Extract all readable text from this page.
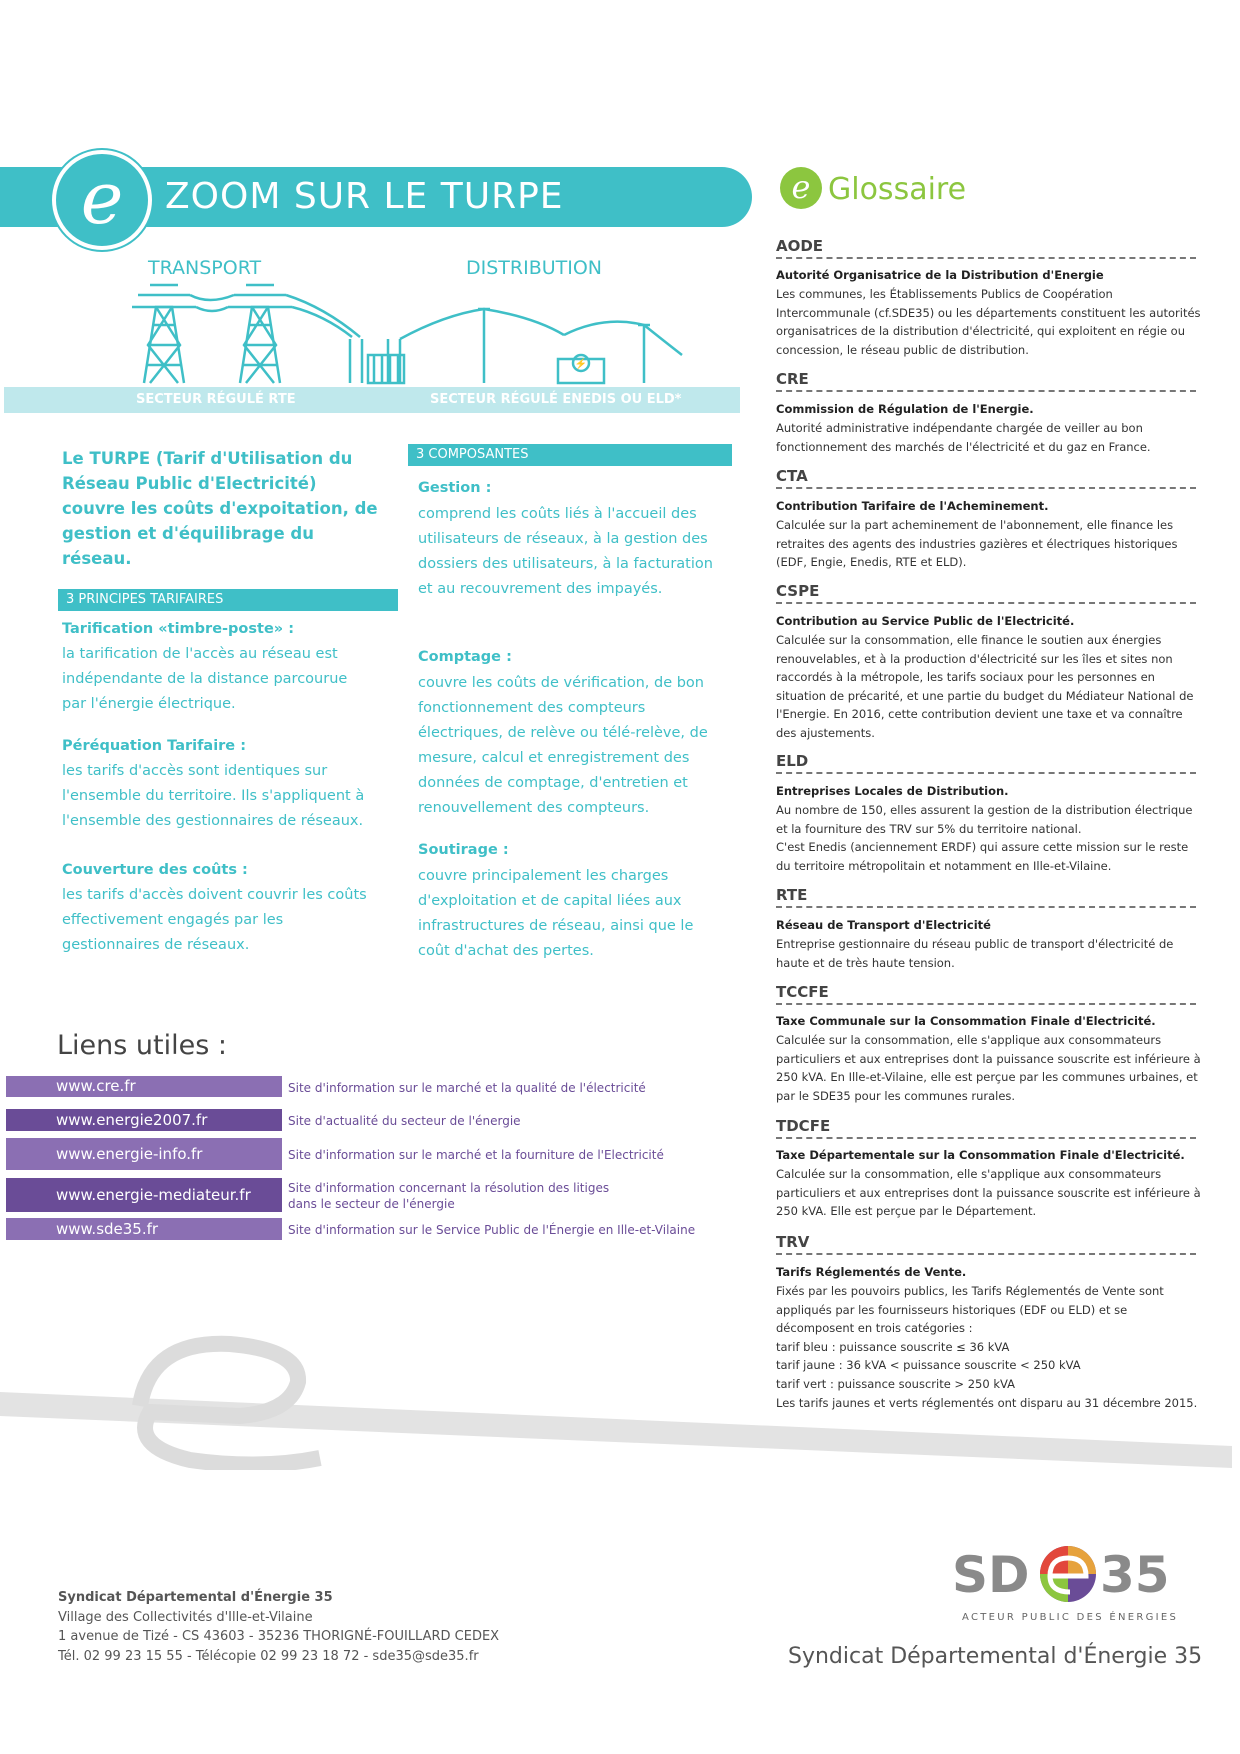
e	ZOOM SUR LE TURPE
⚡
TRANSPORT	DISTRIBUTION
SECTEUR RÉGULÉ RTE	SECTEUR RÉGULÉ ENEDIS OU ELD*
Le TURPE (Tarif d'Utilisation du Réseau Public d'Electricité) couvre les coûts d'expoitation, de gestion et d'équilibrage du réseau.
3 PRINCIPES TARIFAIRES
Tarification «timbre-poste» :
la tarification de l'accès au réseau est indépendante de la distance parcourue par l'énergie électrique.
Péréquation Tarifaire :
les tarifs d'accès sont identiques sur l'ensemble du territoire. Ils s'appliquent à l'ensemble des gestionnaires de réseaux.
Couverture des coûts :
les tarifs d'accès doivent couvrir les coûts effectivement engagés par les gestionnaires de réseaux.
3 COMPOSANTES
Gestion :
comprend les coûts liés à l'accueil des utilisateurs de réseaux, à la gestion des dossiers des utilisateurs, à la facturation et au recouvrement des impayés.
Comptage :
couvre les coûts de vérification, de bon fonctionnement des compteurs électriques, de relève ou télé-relève, de mesure, calcul et enregistrement des données de comptage, d'entretien et renouvellement des compteurs.
Soutirage :
couvre principalement les charges d'exploitation et de capital liées aux infrastructures de réseau, ainsi que le coût d'achat des pertes.
Liens utiles :
www.cre.fr	Site d'information sur le marché et la qualité de l'électricité
www.energie2007.fr	Site d'actualité du secteur de l'énergie
www.energie-info.fr	Site d'information sur le marché et la fourniture de l'Electricité
www.energie-mediateur.fr	Site d'information concernant la résolution des litiges dans le secteur de l'énergie
www.sde35.fr	Site d'information sur le Service Public de l'Énergie en Ille-et-Vilaine
e Glossaire
AODE
Autorité Organisatrice de la Distribution d'Energie
Les communes, les Établissements Publics de Coopération Intercommunale (cf.SDE35) ou les départements constituent les autorités organisatrices de la distribution d'électricité, qui exploitent en régie ou concession, le réseau public de distribution.
CRE
Commission de Régulation de l'Energie.
Autorité administrative indépendante chargée de veiller au bon fonctionnement des marchés de l'électricité et du gaz en France.
CTA
Contribution Tarifaire de l'Acheminement.
Calculée sur la part acheminement de l'abonnement, elle finance les retraites des agents des industries gazières et électriques historiques (EDF, Engie, Enedis, RTE et ELD).
CSPE
Contribution au Service Public de l'Electricité.
Calculée sur la consommation, elle finance le soutien aux énergies renouvelables, et à la production d'électricité sur les îles et sites non raccordés à la métropole, les tarifs sociaux pour les personnes en situation de précarité, et une partie du budget du Médiateur National de l'Energie. En 2016, cette contribution devient une taxe et va connaître des ajustements.
ELD
Entreprises Locales de Distribution.
Au nombre de 150, elles assurent la gestion de la distribution électrique et la fourniture des TRV sur 5% du territoire national.
C'est Enedis (anciennement ERDF) qui assure cette mission sur le reste du territoire métropolitain et notamment en Ille-et-Vilaine.
RTE
Réseau de Transport d'Electricité
Entreprise gestionnaire du réseau public de transport d'électricité de haute et de très haute tension.
TCCFE
Taxe Communale sur la Consommation Finale d'Electricité.
Calculée sur la consommation, elle s'applique aux consommateurs particuliers et aux entreprises dont la puissance souscrite est inférieure à 250 kVA. En Ille-et-Vilaine, elle est perçue par les communes urbaines, et par le SDE35 pour les communes rurales.
TDCFE
Taxe Départementale sur la Consommation Finale d'Electricité.
Calculée sur la consommation, elle s'applique aux consommateurs particuliers et aux entreprises dont la puissance souscrite est inférieure à 250 kVA. Elle est perçue par le Département.
TRV
Tarifs Réglementés de Vente.
Fixés par les pouvoirs publics, les Tarifs Réglementés de Vente sont appliqués par les fournisseurs historiques (EDF ou ELD) et se décomposent en trois catégories :
tarif bleu : puissance souscrite ≤ 36 kVA
tarif jaune : 36 kVA < puissance souscrite < 250 kVA
tarif vert : puissance souscrite > 250 kVA
Les tarifs jaunes et verts réglementés ont disparu au 31 décembre 2015.
Syndicat Départemental d'Énergie 35
Village des Collectivités d'Ille-et-Vilaine
1 avenue de Tizé - CS 43603 - 35236 THORIGNÉ-FOUILLARD CEDEX
Tél. 02 99 23 15 55 - Télécopie 02 99 23 18 72 - sde35@sde35.fr
SD 35
ACTEUR PUBLIC DES ÉNERGIES
Syndicat Départemental d'Énergie 35
